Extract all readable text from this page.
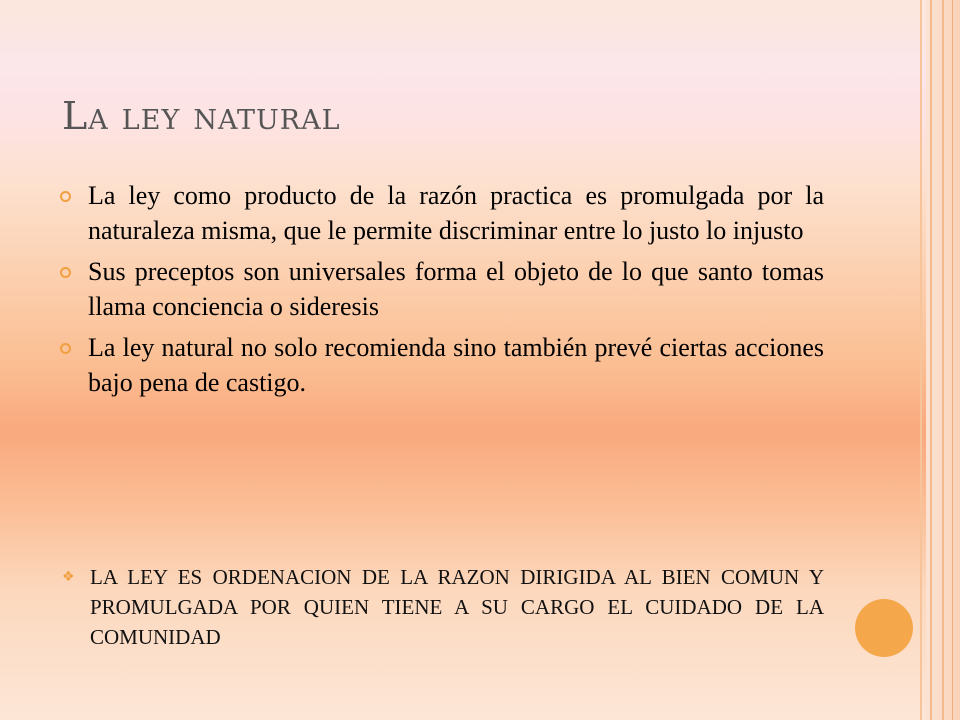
La ley natural
La ley como producto de la razón practica es promulgada por la naturaleza misma, que le permite discriminar entre lo justo lo injusto
Sus preceptos son universales forma el objeto de lo que santo tomas llama conciencia o sideresis
La ley natural no solo recomienda sino también prevé ciertas acciones bajo pena de castigo.
❖ LA LEY ES ORDENACION DE LA RAZON DIRIGIDA AL BIEN COMUN Y PROMULGADA POR QUIEN TIENE A SU CARGO EL CUIDADO DE LA COMUNIDAD
